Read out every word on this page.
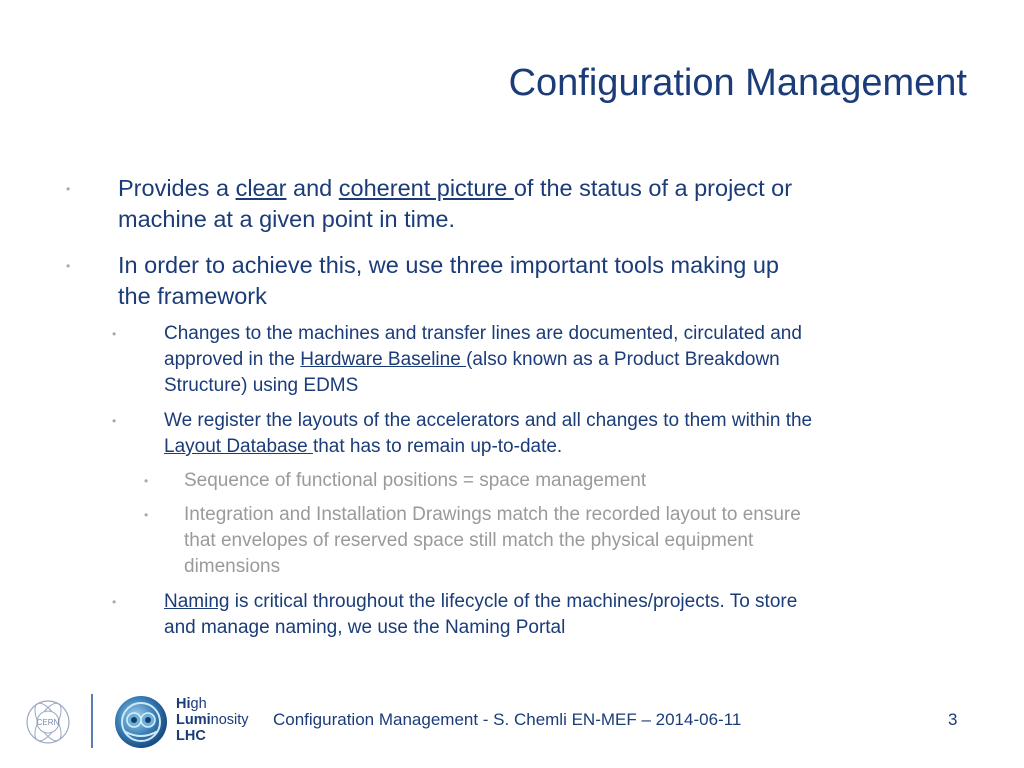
Configuration Management
• Provides a clear and coherent picture of the status of a project or
machine at a given point in time.
• In order to achieve this, we use three important tools making up
the framework
•	Changes to the machines and transfer lines are documented, circulated and
approved in the Hardware Baseline (also known as a Product Breakdown
Structure) using EDMS
•	We register the layouts of the accelerators and all changes to them within the
Layout Database that has to remain up-to-date.
• Sequence of functional positions = space management
• Integration and Installation Drawings match the recorded layout to ensure
that envelopes of reserved space still match the physical equipment
dimensions
•	Naming is critical throughout the lifecycle of the machines/projects. To store
and manage naming, we use the Naming Portal
CERN
High
Luminosity
LHC
Configuration Management - S. Chemli EN-MEF – 2014-06-11	3
